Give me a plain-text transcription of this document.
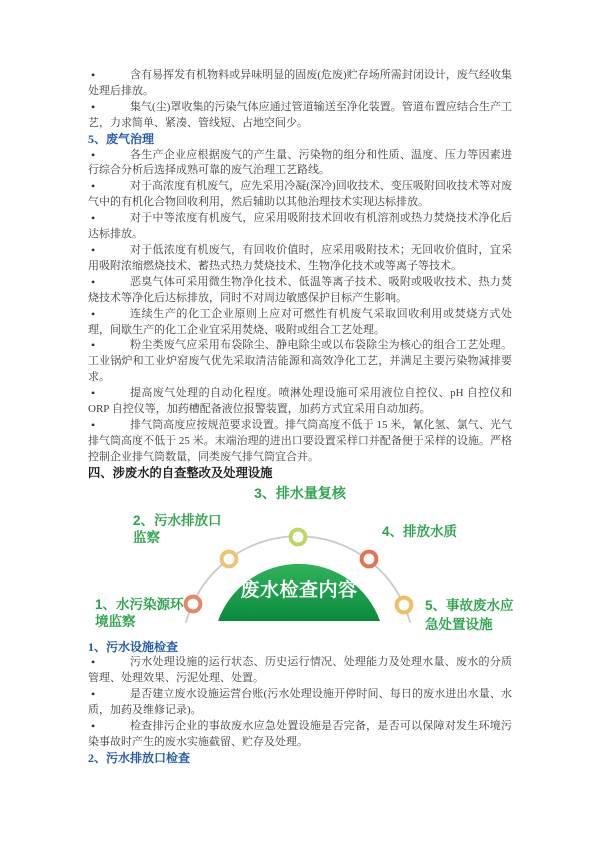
•	含有易挥发有机物料或异味明显的固废(危废)贮存场所需封闭设计，废气经收集处理后排放。

•	集气(尘)罩收集的污染气体应通过管道输送至净化装置。管道布置应结合生产工艺，力求简单、紧凑、管线短、占地空间少。

5、废气治理

•	各生产企业应根据废气的产生量、污染物的组分和性质、温度、压力等因素进行综合分析后选择成熟可靠的废气治理工艺路线。

•	对于高浓度有机废气，应先采用冷凝(深冷)回收技术、变压吸附回收技术等对废气中的有机化合物回收利用，然后辅助以其他治理技术实现达标排放。

•	对于中等浓度有机废气，应采用吸附技术回收有机溶剂或热力焚烧技术净化后达标排放。

•	对于低浓度有机废气，有回收价值时，应采用吸附技术；无回收价值时，宜采用吸附浓缩燃烧技术、蓄热式热力焚烧技术、生物净化技术或等离子等技术。

•	恶臭气体可采用微生物净化技术、低温等离子技术、吸附或吸收技术、热力焚烧技术等净化后达标排放，同时不对周边敏感保护目标产生影响。

•	连续生产的化工企业原则上应对可燃性有机废气采取回收利用或焚烧方式处理，间歇生产的化工企业宜采用焚烧、吸附或组合工艺处理。

•	粉尘类废气应采用布袋除尘、静电除尘或以布袋除尘为核心的组合工艺处理。工业锅炉和工业炉窑废气优先采取清洁能源和高效净化工艺，并满足主要污染物减排要求。

•	提高废气处理的自动化程度。喷淋处理设施可采用液位自控仪、pH 自控仪和 ORP 自控仪等，加药槽配备液位报警装置，加药方式宜采用自动加药。

•	排气筒高度应按规范要求设置。排气筒高度不低于 15 米，氰化氢、氯气、光气排气筒高度不低于 25 米。末端治理的进出口要设置采样口并配备便于采样的设施。严格控制企业排气筒数量，同类废气排气筒宜合并。

四、涉废水的自查整改及处理设施

3、排水量复核
2、污水排放口
监察	4、排放水质
1、水污染源环
境监察
5、事故废水应
急处置设施
废水检查内容

1、污水设施检查

•	污水处理设施的运行状态、历史运行情况、处理能力及处理水量、废水的分质管理、处理效果、污泥处理、处置。

•	是否建立废水设施运营台账(污水处理设施开停时间、每日的废水进出水量、水质，加药及维修记录)。

•	检查排污企业的事故废水应急处置设施是否完备，是否可以保障对发生环境污染事故时产生的废水实施截留、贮存及处理。

2、污水排放口检查
